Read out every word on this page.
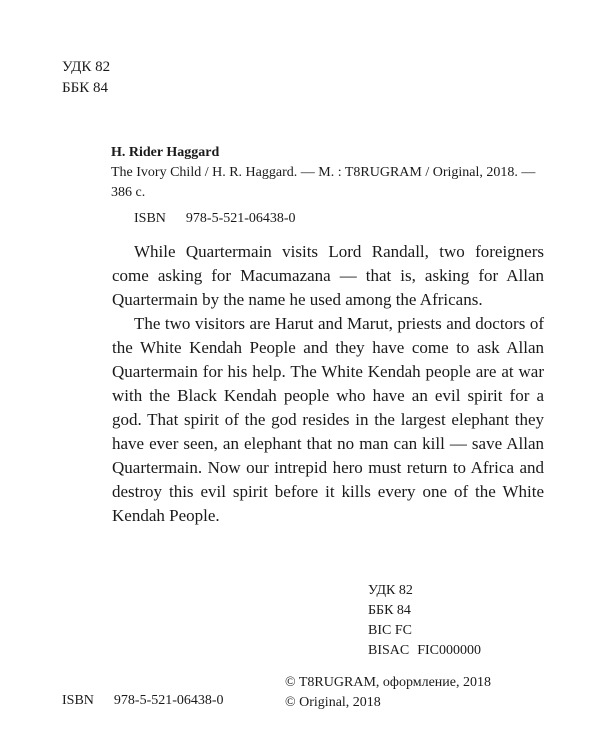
УДК 82
ББК 84
H. Rider Haggard
The Ivory Child / H. R. Haggard. — M. : T8RUGRAM / Original, 2018. — 386 c.
ISBN 978-5-521-06438-0

While Quartermain visits Lord Randall, two foreigners come asking for Macumazana — that is, asking for Allan Quartermain by the name he used among the Africans.

The two visitors are Harut and Marut, priests and doctors of the White Kendah People and they have come to ask Allan Quartermain for his help. The White Kendah people are at war with the Black Kendah people who have an evil spirit for a god. That spirit of the god resides in the largest elephant they have ever seen, an elephant that no man can kill — save Allan Quartermain. Now our intrepid hero must return to Africa and destroy this evil spirit before it kills every one of the White Kendah People.

УДК 82
ББК 84
BIC FC
BISAC FIC000000
ISBN 978-5-521-06438-0
© T8RUGRAM, оформление, 2018
© Original, 2018
